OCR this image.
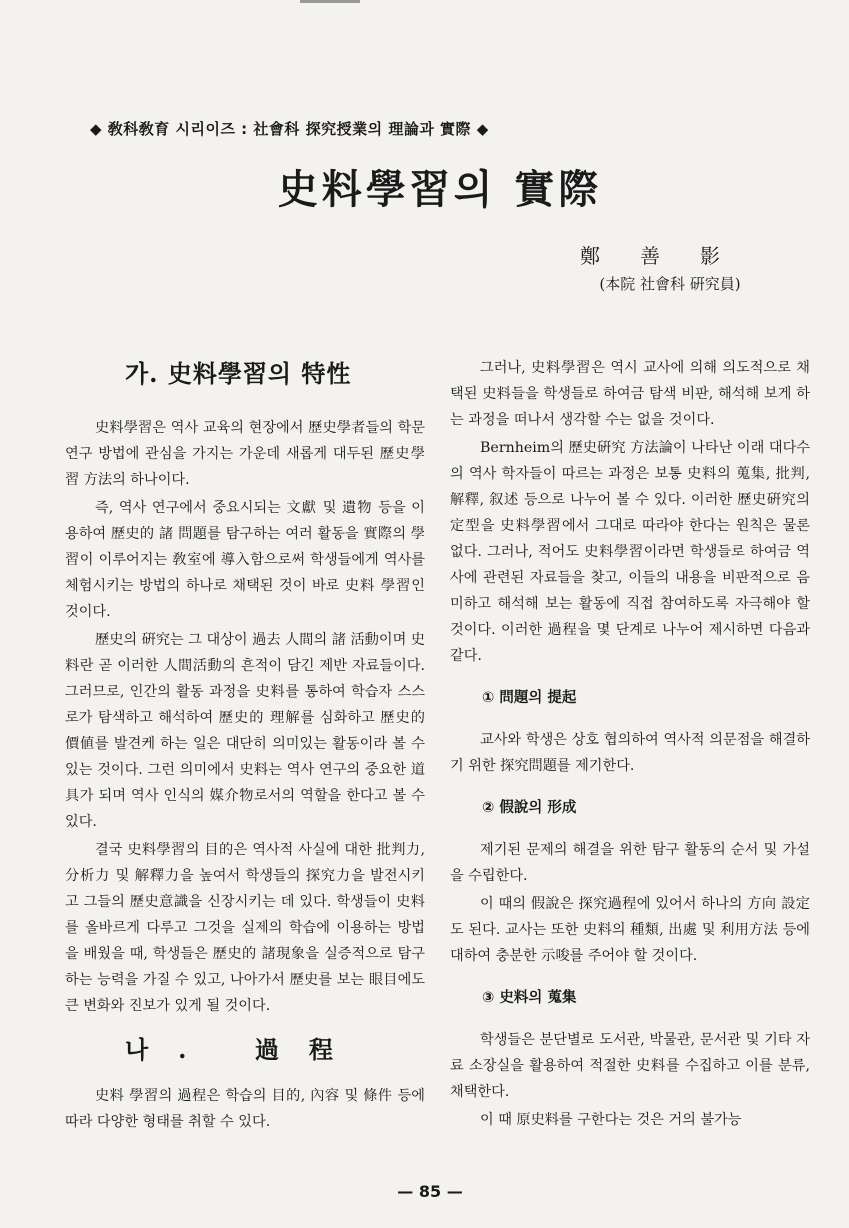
◆ 敎科敎育 시리이즈 : 社會科 探究授業의 理論과 實際 ◆
史料學習의 實際
鄭善影
(本院 社會科 硏究員)
가. 史料學習의 特性

史料學習은 역사 교육의 현장에서 歷史學者들의 학문 연구 방법에 관심을 가지는 가운데 새롭게 대두된 歷史學習 方法의 하나이다.

즉, 역사 연구에서 중요시되는 文獻 및 遺物 등을 이용하여 歷史的 諸 問題를 탐구하는 여러 활동을 實際의 學習이 이루어지는 敎室에 導入함으로써 학생들에게 역사를 체험시키는 방법의 하나로 채택된 것이 바로 史料 學習인 것이다.

歷史의 硏究는 그 대상이 過去 人間의 諸 活動이며 史料란 곧 이러한 人間活動의 흔적이 담긴 제반 자료들이다. 그러므로, 인간의 활동 과정을 史料를 통하여 학습자 스스로가 탐색하고 해석하여 歷史的 理解를 심화하고 歷史的 價値를 발견케 하는 일은 대단히 의미있는 활동이라 볼 수 있는 것이다. 그런 의미에서 史料는 역사 연구의 중요한 道具가 되며 역사 인식의 媒介物로서의 역할을 한다고 볼 수 있다.

결국 史料學習의 目的은 역사적 사실에 대한 批判力, 分析力 및 解釋力을 높여서 학생들의 探究力을 발전시키고 그들의 歷史意識을 신장시키는 데 있다. 학생들이 史料를 올바르게 다루고 그것을 실제의 학습에 이용하는 방법을 배웠을 때, 학생들은 歷史的 諸現象을 실증적으로 탐구하는 능력을 가질 수 있고, 나아가서 歷史를 보는 眼目에도 큰 변화와 진보가 있게 될 것이다.

나. 過程

史料 學習의 過程은 학습의 目的, 內容 및 條件 등에 따라 다양한 형태를 취할 수 있다.

그러나, 史料學習은 역시 교사에 의해 의도적으로 채택된 史料들을 학생들로 하여금 탐색 비판, 해석해 보게 하는 과정을 떠나서 생각할 수는 없을 것이다.

Bernheim의 歷史硏究 方法論이 나타난 이래 대다수의 역사 학자들이 따르는 과정은 보통 史料의 蒐集, 批判, 解釋, 叙述 등으로 나누어 볼 수 있다. 이러한 歷史硏究의 定型을 史料學習에서 그대로 따라야 한다는 원칙은 물론 없다. 그러나, 적어도 史料學習이라면 학생들로 하여금 역사에 관련된 자료들을 찾고, 이들의 내용을 비판적으로 음미하고 해석해 보는 활동에 직접 참여하도록 자극해야 할 것이다. 이러한 過程을 몇 단계로 나누어 제시하면 다음과 같다.

① 問題의 提起

교사와 학생은 상호 협의하여 역사적 의문점을 해결하기 위한 探究問題를 제기한다.

② 假說의 形成

제기된 문제의 해결을 위한 탐구 활동의 순서 및 가설을 수립한다.

이 때의 假說은 探究過程에 있어서 하나의 方向 設定도 된다. 교사는 또한 史料의 種類, 出處 및 利用方法 등에 대하여 충분한 示唆를 주어야 할 것이다.

③ 史料의 蒐集

학생들은 분단별로 도서관, 박물관, 문서관 및 기타 자료 소장실을 활용하여 적절한 史料를 수집하고 이를 분류, 채택한다.

이 때 原史料를 구한다는 것은 거의 불가능

— 85 —
